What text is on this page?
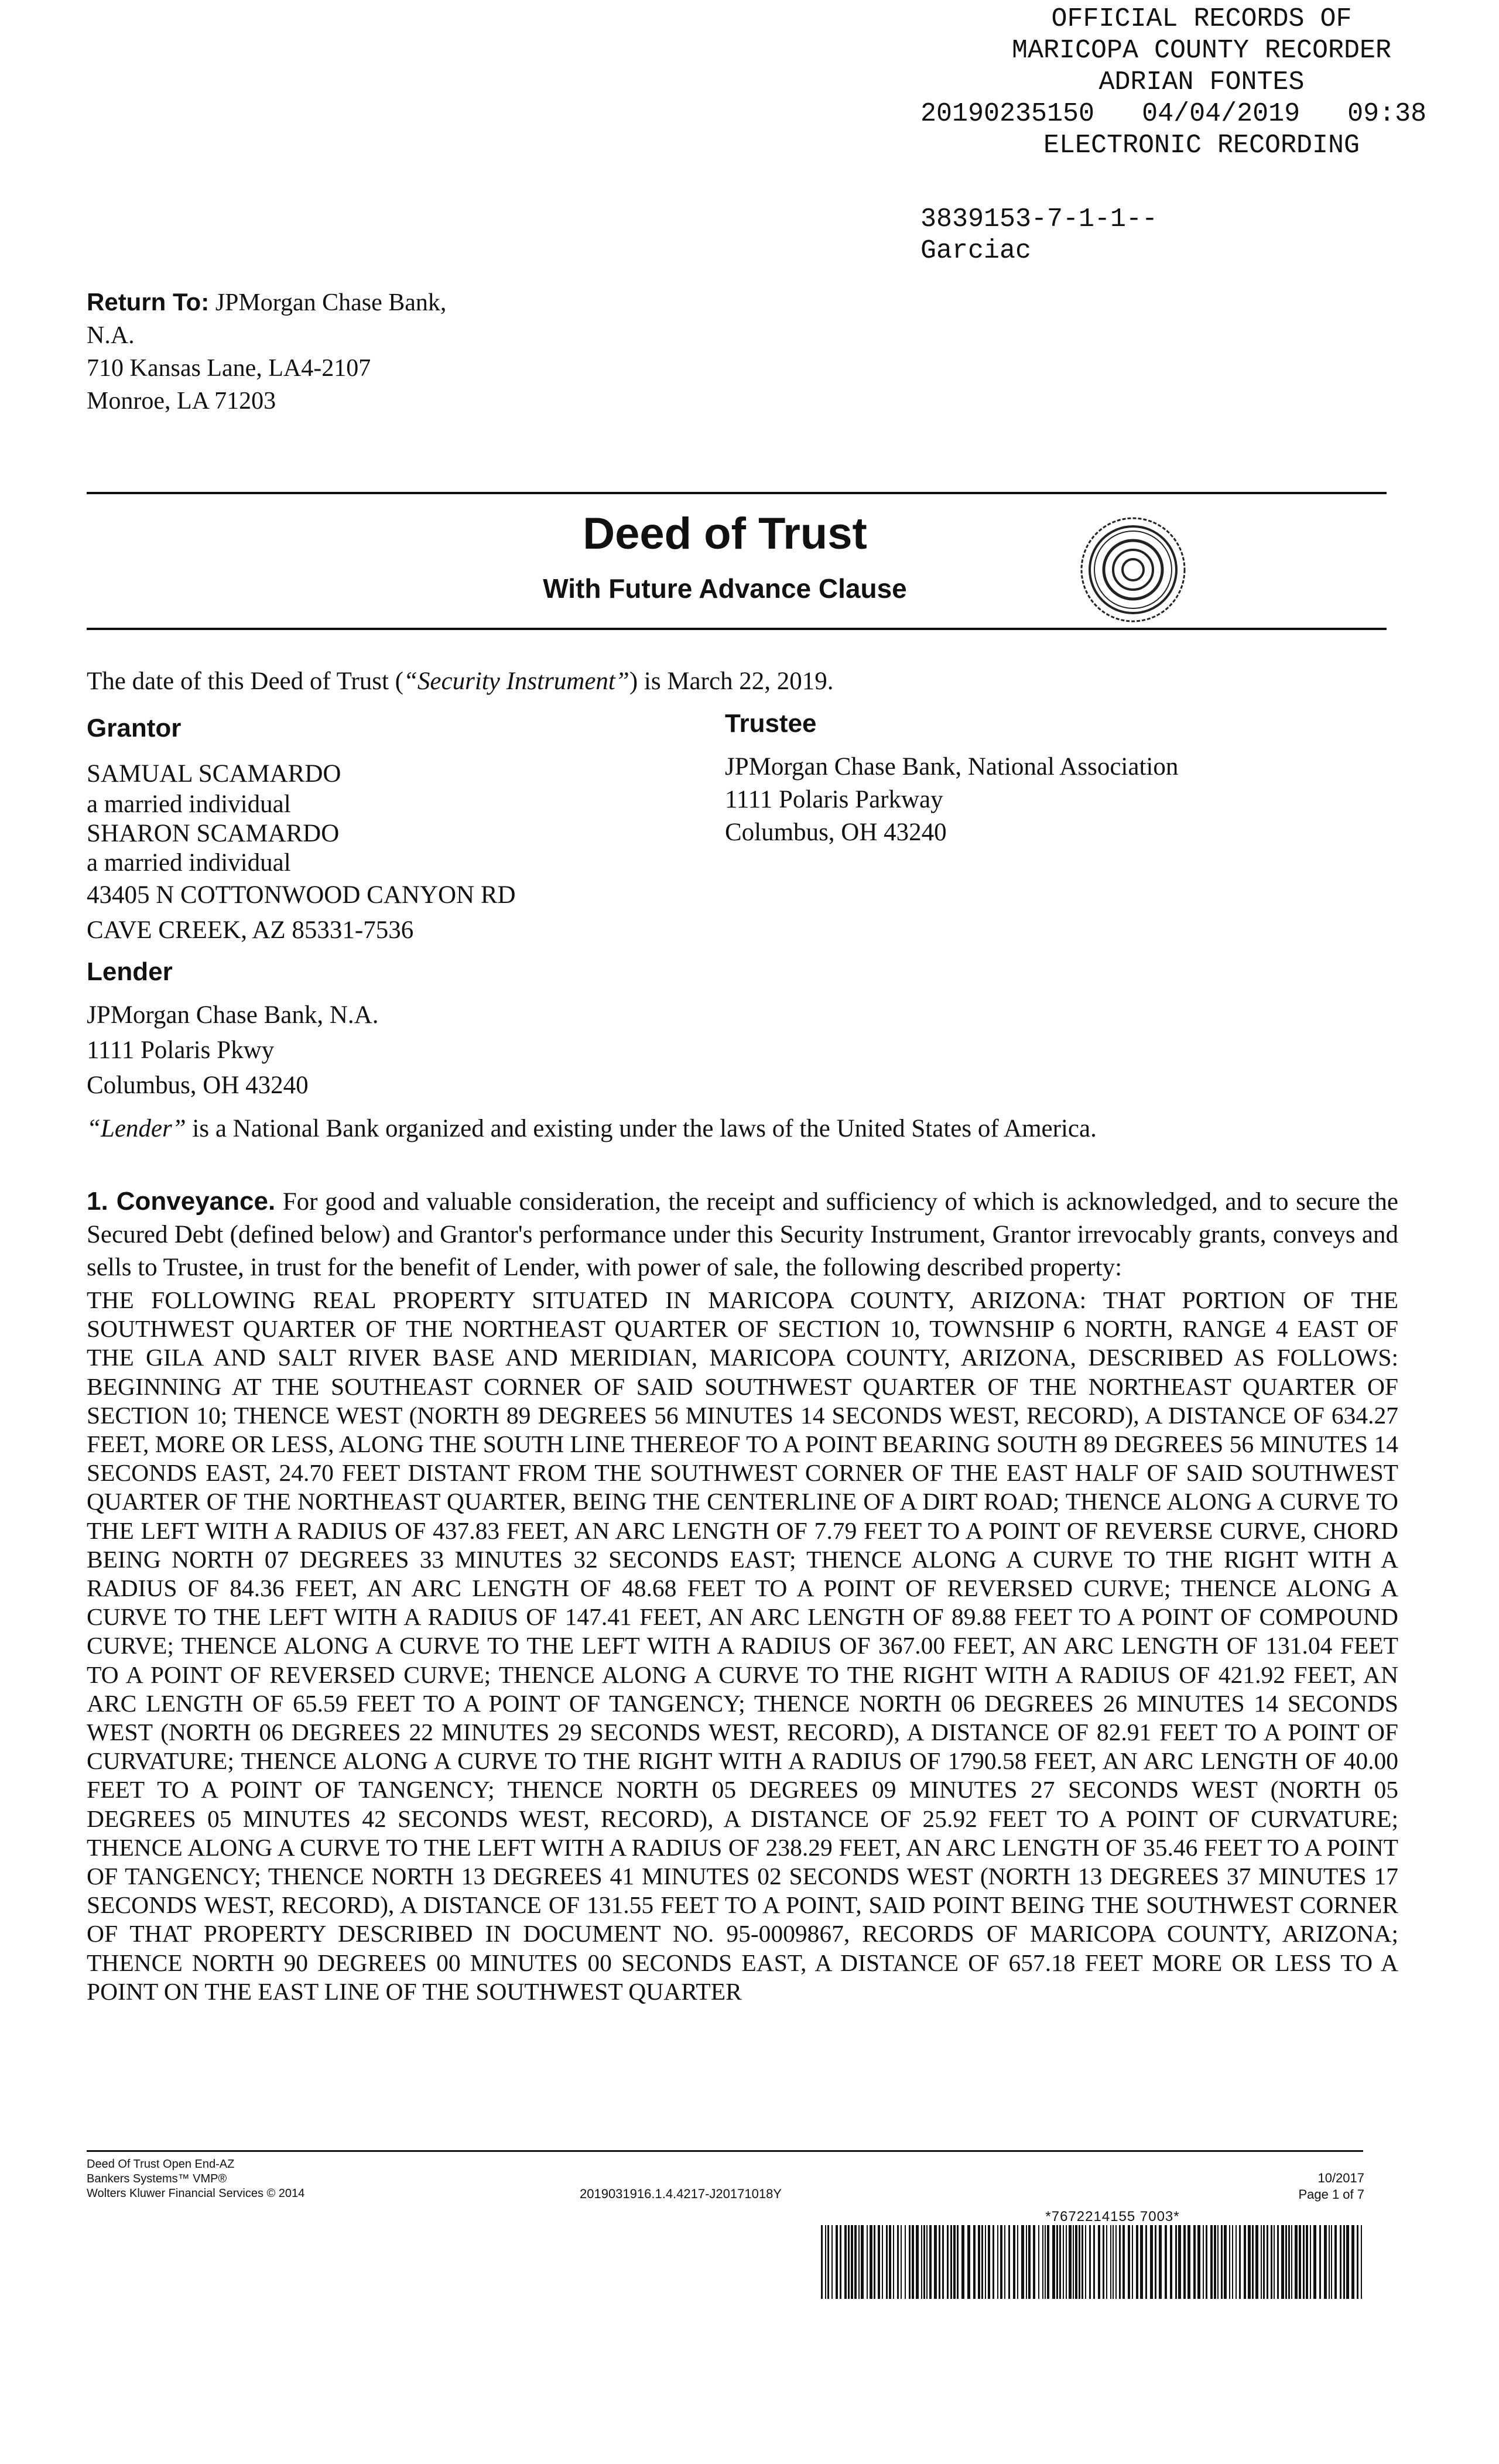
OFFICIAL RECORDS OF
MARICOPA COUNTY RECORDER
ADRIAN FONTES
20190235150 04/04/2019 09:38
ELECTRONIC RECORDING
3839153-7-1-1--
Garciac
Return To: JPMorgan Chase Bank,
N.A.
710 Kansas Lane, LA4-2107
Monroe, LA 71203
Deed of Trust
With Future Advance Clause
The date of this Deed of Trust (“Security Instrument”) is March 22, 2019.
Grantor
SAMUAL SCAMARDO
a married individual
SHARON SCAMARDO
a married individual
43405 N COTTONWOOD CANYON RD
CAVE CREEK, AZ 85331-7536
Trustee
JPMorgan Chase Bank, National Association
1111 Polaris Parkway
Columbus, OH 43240
Lender
JPMorgan Chase Bank, N.A.
1111 Polaris Pkwy
Columbus, OH 43240
“Lender” is a National Bank organized and existing under the laws of the United States of America.
1. Conveyance. For good and valuable consideration, the receipt and sufficiency of which is acknowledged, and to secure the Secured Debt (defined below) and Grantor's performance under this Security Instrument, Grantor irrevocably grants, conveys and sells to Trustee, in trust for the benefit of Lender, with power of sale, the following described property:
THE FOLLOWING REAL PROPERTY SITUATED IN MARICOPA COUNTY, ARIZONA: THAT PORTION OF THE SOUTHWEST QUARTER OF THE NORTHEAST QUARTER OF SECTION 10, TOWNSHIP 6 NORTH, RANGE 4 EAST OF THE GILA AND SALT RIVER BASE AND MERIDIAN, MARICOPA COUNTY, ARIZONA, DESCRIBED AS FOLLOWS: BEGINNING AT THE SOUTHEAST CORNER OF SAID SOUTHWEST QUARTER OF THE NORTHEAST QUARTER OF SECTION 10; THENCE WEST (NORTH 89 DEGREES 56 MINUTES 14 SECONDS WEST, RECORD), A DISTANCE OF 634.27 FEET, MORE OR LESS, ALONG THE SOUTH LINE THEREOF TO A POINT BEARING SOUTH 89 DEGREES 56 MINUTES 14 SECONDS EAST, 24.70 FEET DISTANT FROM THE SOUTHWEST CORNER OF THE EAST HALF OF SAID SOUTHWEST QUARTER OF THE NORTHEAST QUARTER, BEING THE CENTERLINE OF A DIRT ROAD; THENCE ALONG A CURVE TO THE LEFT WITH A RADIUS OF 437.83 FEET, AN ARC LENGTH OF 7.79 FEET TO A POINT OF REVERSE CURVE, CHORD BEING NORTH 07 DEGREES 33 MINUTES 32 SECONDS EAST; THENCE ALONG A CURVE TO THE RIGHT WITH A RADIUS OF 84.36 FEET, AN ARC LENGTH OF 48.68 FEET TO A POINT OF REVERSED CURVE; THENCE ALONG A CURVE TO THE LEFT WITH A RADIUS OF 147.41 FEET, AN ARC LENGTH OF 89.88 FEET TO A POINT OF COMPOUND CURVE; THENCE ALONG A CURVE TO THE LEFT WITH A RADIUS OF 367.00 FEET, AN ARC LENGTH OF 131.04 FEET TO A POINT OF REVERSED CURVE; THENCE ALONG A CURVE TO THE RIGHT WITH A RADIUS OF 421.92 FEET, AN ARC LENGTH OF 65.59 FEET TO A POINT OF TANGENCY; THENCE NORTH 06 DEGREES 26 MINUTES 14 SECONDS WEST (NORTH 06 DEGREES 22 MINUTES 29 SECONDS WEST, RECORD), A DISTANCE OF 82.91 FEET TO A POINT OF CURVATURE; THENCE ALONG A CURVE TO THE RIGHT WITH A RADIUS OF 1790.58 FEET, AN ARC LENGTH OF 40.00 FEET TO A POINT OF TANGENCY; THENCE NORTH 05 DEGREES 09 MINUTES 27 SECONDS WEST (NORTH 05 DEGREES 05 MINUTES 42 SECONDS WEST, RECORD), A DISTANCE OF 25.92 FEET TO A POINT OF CURVATURE; THENCE ALONG A CURVE TO THE LEFT WITH A RADIUS OF 238.29 FEET, AN ARC LENGTH OF 35.46 FEET TO A POINT OF TANGENCY; THENCE NORTH 13 DEGREES 41 MINUTES 02 SECONDS WEST (NORTH 13 DEGREES 37 MINUTES 17 SECONDS WEST, RECORD), A DISTANCE OF 131.55 FEET TO A POINT, SAID POINT BEING THE SOUTHWEST CORNER OF THAT PROPERTY DESCRIBED IN DOCUMENT NO. 95-0009867, RECORDS OF MARICOPA COUNTY, ARIZONA; THENCE NORTH 90 DEGREES 00 MINUTES 00 SECONDS EAST, A DISTANCE OF 657.18 FEET MORE OR LESS TO A POINT ON THE EAST LINE OF THE SOUTHWEST QUARTER
Deed Of Trust Open End-AZ
Bankers Systems™ VMP®
Wolters Kluwer Financial Services © 2014	2019031916.1.4.4217-J20171018Y
10/2017
Page 1 of 7
*7672214155 7003*
